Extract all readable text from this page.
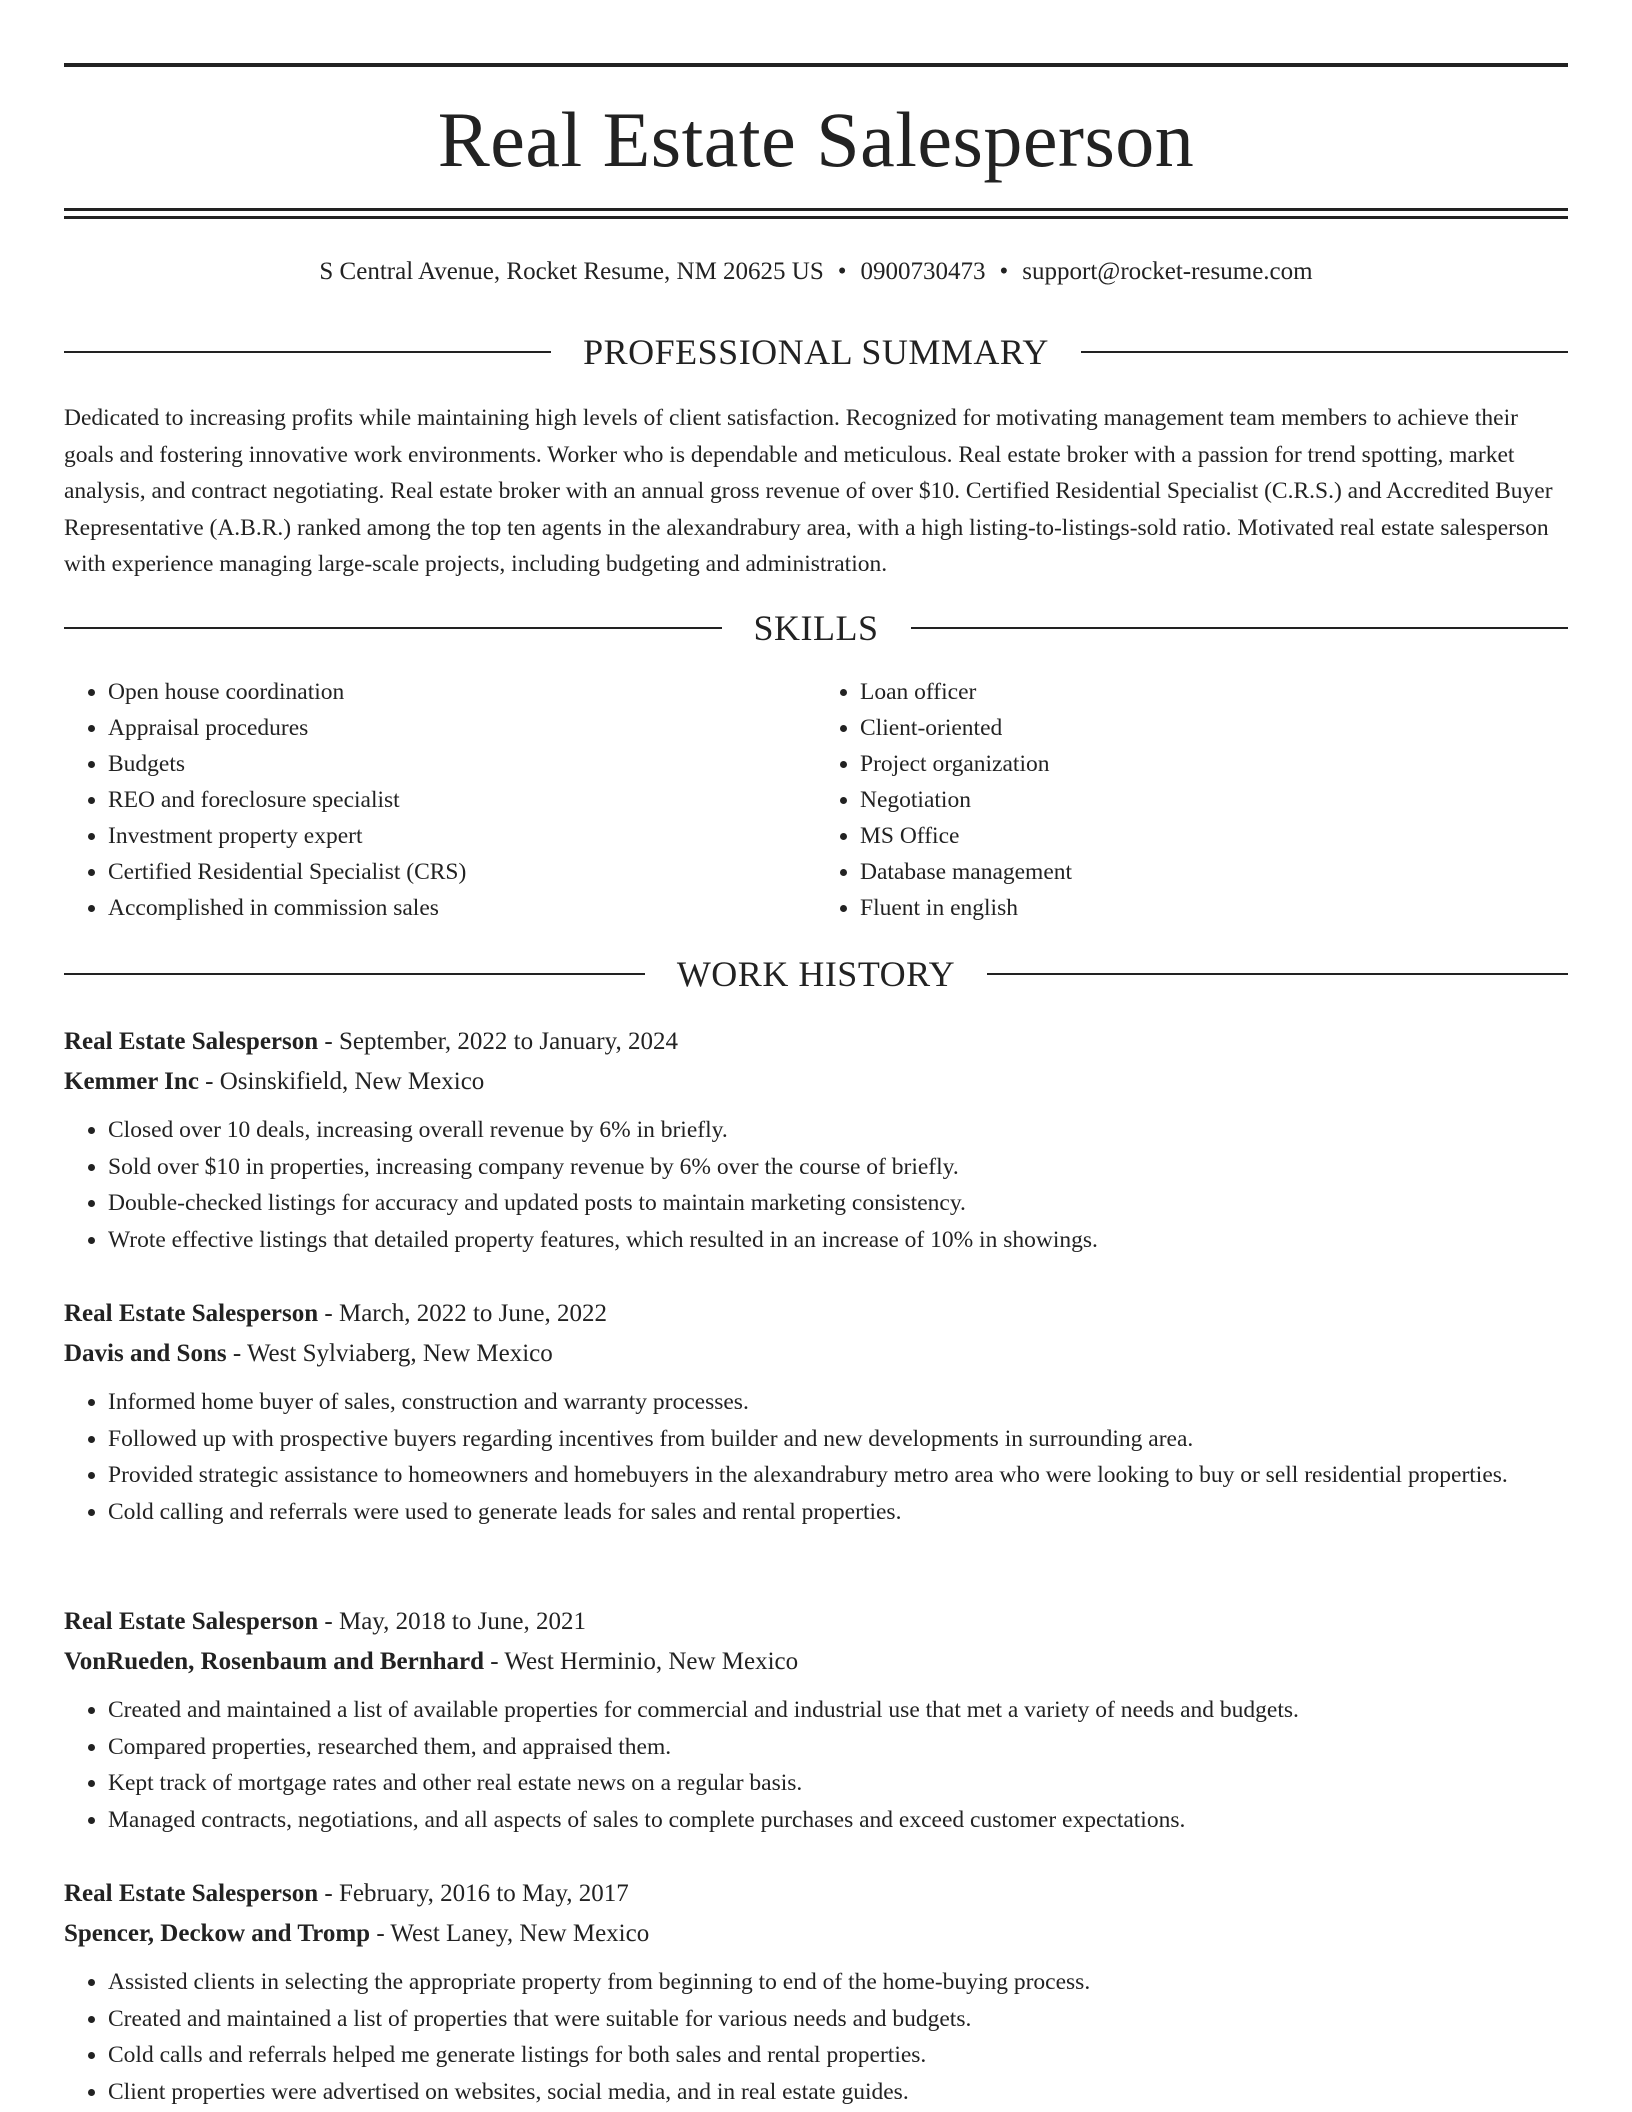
Real Estate Salesperson
S Central Avenue, Rocket Resume, NM 20625 US • 0900730473 • support@rocket-resume.com
PROFESSIONAL SUMMARY

Dedicated to increasing profits while maintaining high levels of client satisfaction. Recognized for motivating management team members to achieve their goals and fostering innovative work environments. Worker who is dependable and meticulous. Real estate broker with a passion for trend spotting, market analysis, and contract negotiating. Real estate broker with an annual gross revenue of over $10. Certified Residential Specialist (C.R.S.) and Accredited Buyer Representative (A.B.R.) ranked among the top ten agents in the alexandrabury area, with a high listing-to-listings-sold ratio. Motivated real estate salesperson with experience managing large-scale projects, including budgeting and administration.

SKILLS
• Open house coordination
• Appraisal procedures
• Budgets
• REO and foreclosure specialist
• Investment property expert
• Certified Residential Specialist (CRS)
• Accomplished in commission sales
• Loan officer
• Client-oriented
• Project organization
• Negotiation
• MS Office
• Database management
• Fluent in english
WORK HISTORY
Real Estate Salesperson - September, 2022 to January, 2024
Kemmer Inc - Osinskifield, New Mexico
• Closed over 10 deals, increasing overall revenue by 6% in briefly.
• Sold over $10 in properties, increasing company revenue by 6% over the course of briefly.
• Double-checked listings for accuracy and updated posts to maintain marketing consistency.
• Wrote effective listings that detailed property features, which resulted in an increase of 10% in showings.
Real Estate Salesperson - March, 2022 to June, 2022
Davis and Sons - West Sylviaberg, New Mexico
• Informed home buyer of sales, construction and warranty processes.
• Followed up with prospective buyers regarding incentives from builder and new developments in surrounding area.
• Provided strategic assistance to homeowners and homebuyers in the alexandrabury metro area who were looking to buy or sell residential properties.
• Cold calling and referrals were used to generate leads for sales and rental properties.
Real Estate Salesperson - May, 2018 to June, 2021
VonRueden, Rosenbaum and Bernhard - West Herminio, New Mexico
• Created and maintained a list of available properties for commercial and industrial use that met a variety of needs and budgets.
• Compared properties, researched them, and appraised them.
• Kept track of mortgage rates and other real estate news on a regular basis.
• Managed contracts, negotiations, and all aspects of sales to complete purchases and exceed customer expectations.
Real Estate Salesperson - February, 2016 to May, 2017
Spencer, Deckow and Tromp - West Laney, New Mexico
• Assisted clients in selecting the appropriate property from beginning to end of the home-buying process.
• Created and maintained a list of properties that were suitable for various needs and budgets.
• Cold calls and referrals helped me generate listings for both sales and rental properties.
• Client properties were advertised on websites, social media, and in real estate guides.
